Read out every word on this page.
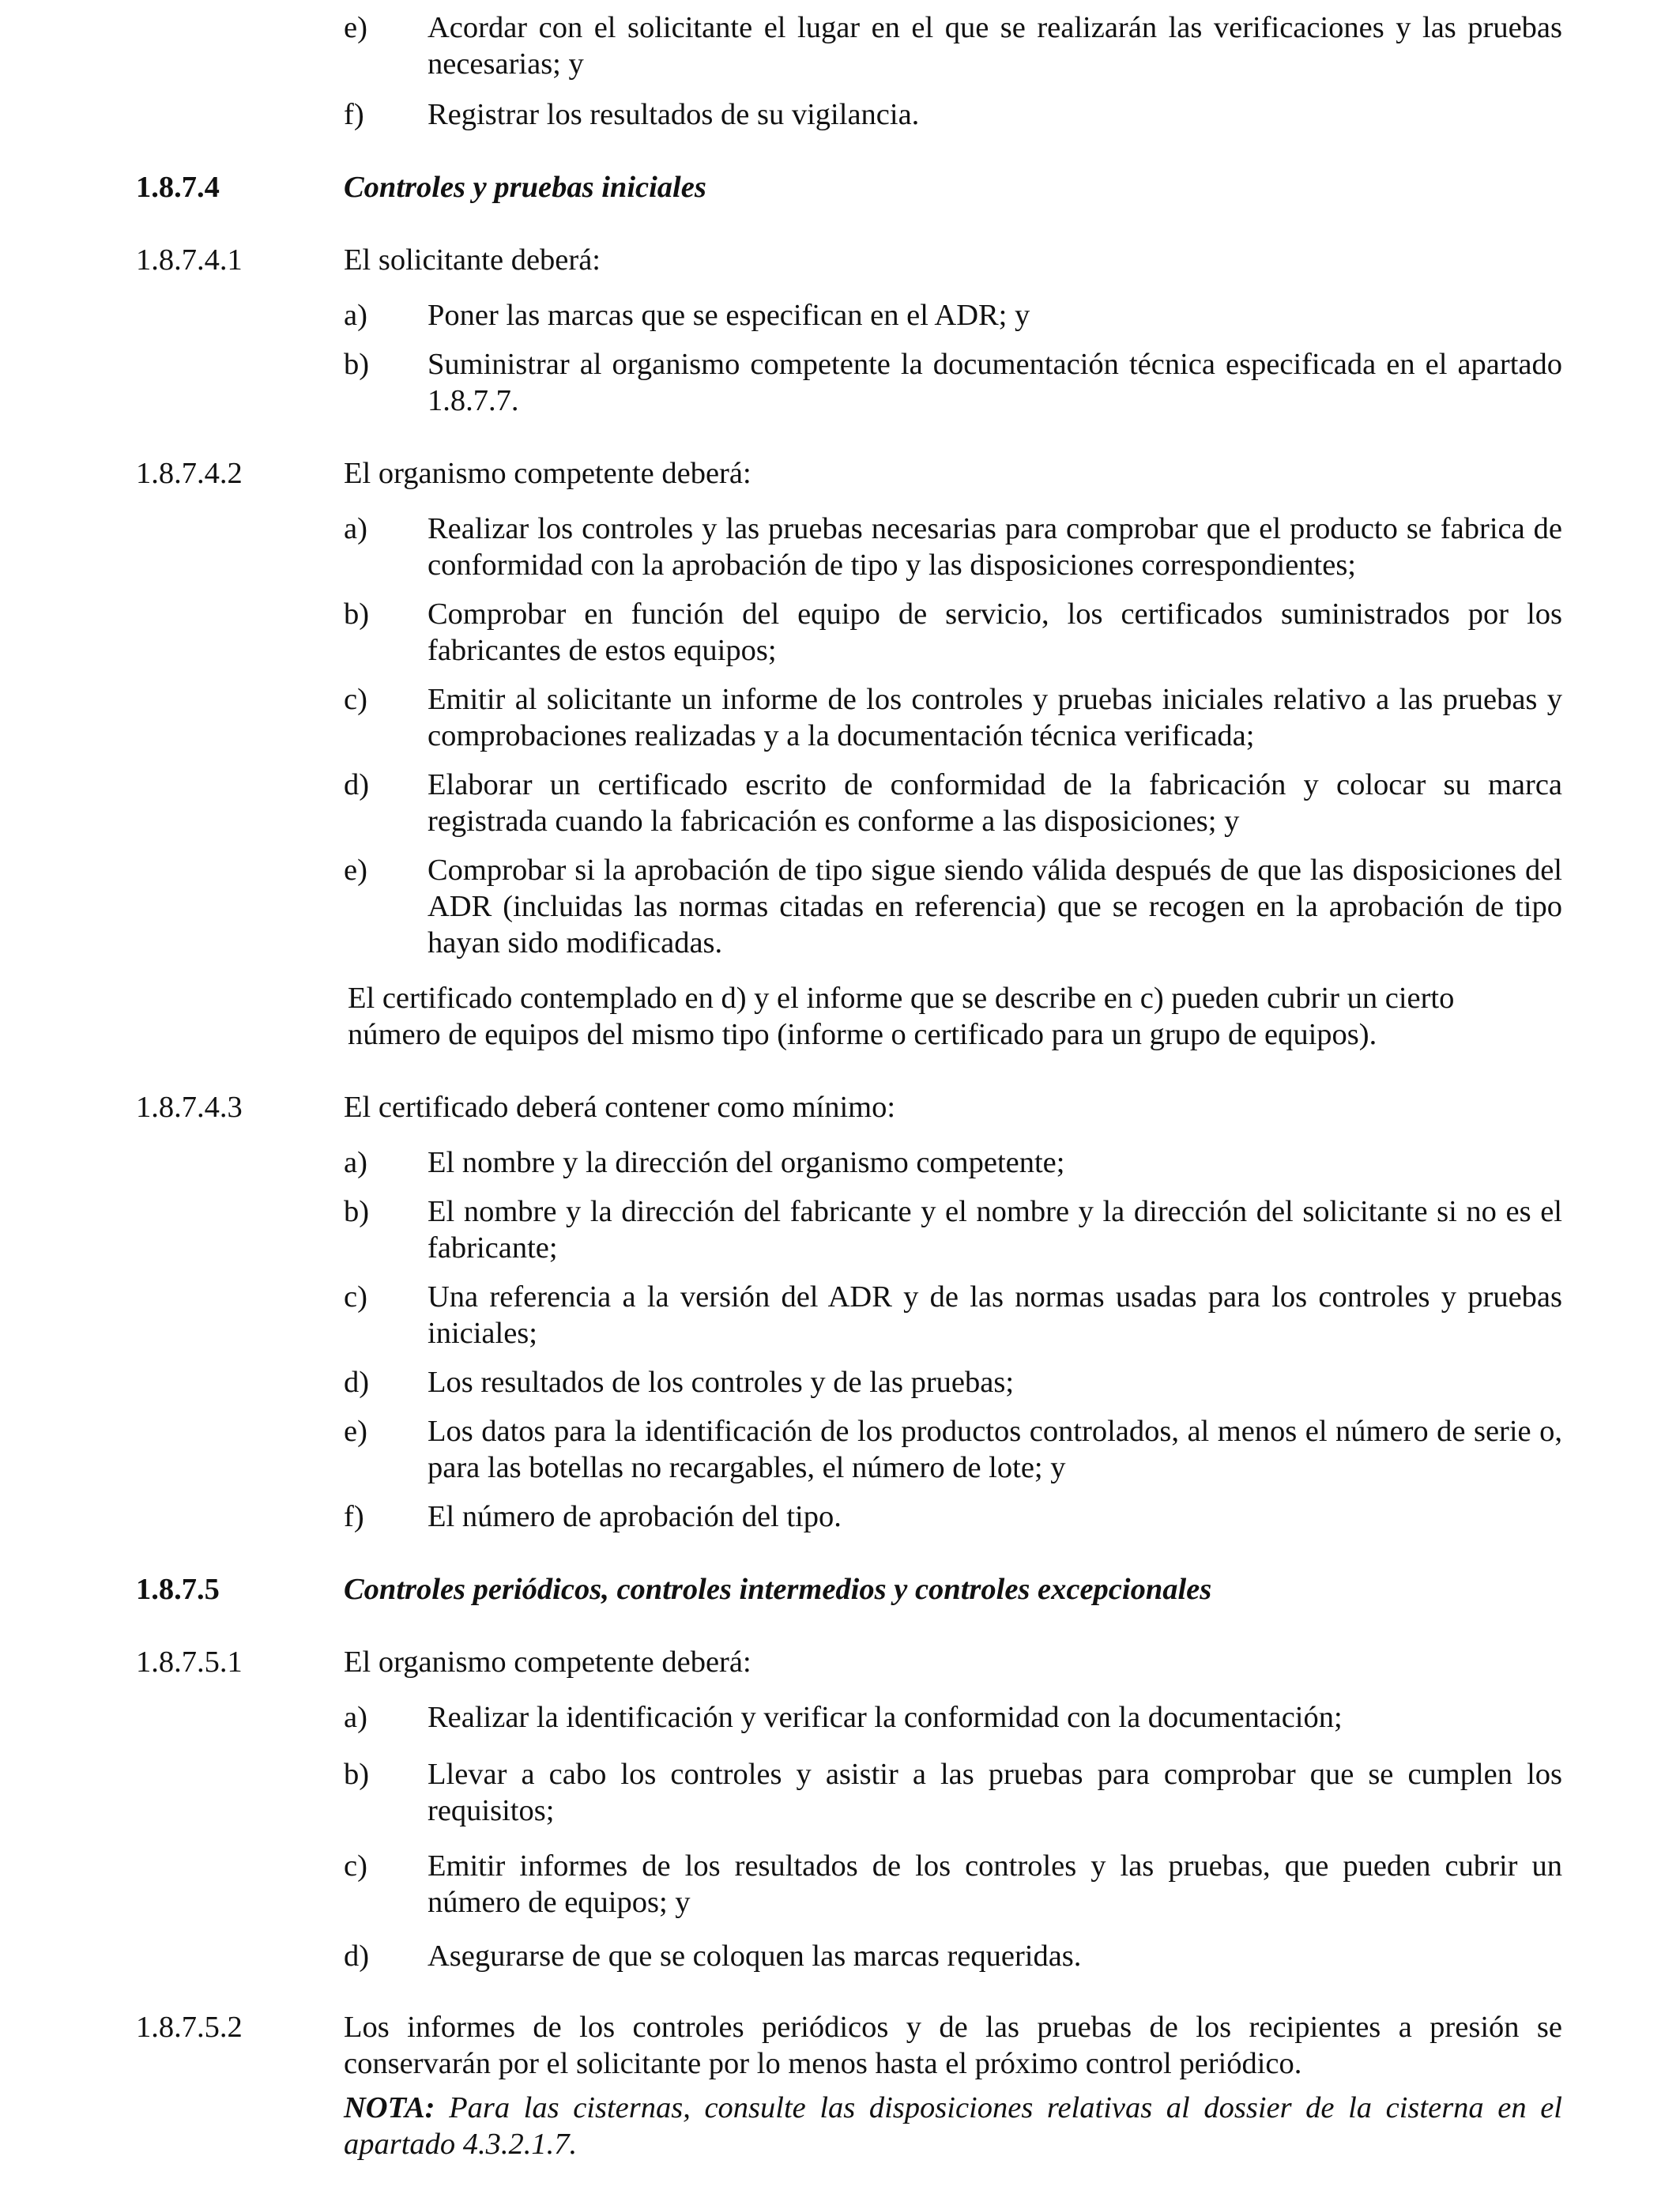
e) Acordar con el solicitante el lugar en el que se realizarán las verificaciones y las pruebas necesarias; y
f) Registrar los resultados de su vigilancia.
1.8.7.4	Controles y pruebas iniciales
1.8.7.4.1	El solicitante deberá:
a) Poner las marcas que se especifican en el ADR; y
b) Suministrar al organismo competente la documentación técnica especificada en el apartado 1.8.7.7.
1.8.7.4.2	El organismo competente deberá:
a) Realizar los controles y las pruebas necesarias para comprobar que el producto se fabrica de conformidad con la aprobación de tipo y las disposiciones correspondientes;
b) Comprobar en función del equipo de servicio, los certificados suministrados por los fabricantes de estos equipos;
c) Emitir al solicitante un informe de los controles y pruebas iniciales relativo a las pruebas y comprobaciones realizadas y a la documentación técnica verificada;
d) Elaborar un certificado escrito de conformidad de la fabricación y colocar su marca registrada cuando la fabricación es conforme a las disposiciones; y
e) Comprobar si la aprobación de tipo sigue siendo válida después de que las disposiciones del ADR (incluidas las normas citadas en referencia) que se recogen en la aprobación de tipo hayan sido modificadas.
El certificado contemplado en d) y el informe que se describe en c) pueden cubrir un cierto
número de equipos del mismo tipo (informe o certificado para un grupo de equipos).
1.8.7.4.3	El certificado deberá contener como mínimo:
a) El nombre y la dirección del organismo competente;
b) El nombre y la dirección del fabricante y el nombre y la dirección del solicitante si no es el fabricante;
c) Una referencia a la versión del ADR y de las normas usadas para los controles y pruebas iniciales;
d) Los resultados de los controles y de las pruebas;
e) Los datos para la identificación de los productos controlados, al menos el número de serie o, para las botellas no recargables, el número de lote; y
f) El número de aprobación del tipo.
1.8.7.5	Controles periódicos, controles intermedios y controles excepcionales
1.8.7.5.1	El organismo competente deberá:
a) Realizar la identificación y verificar la conformidad con la documentación;
b) Llevar a cabo los controles y asistir a las pruebas para comprobar que se cumplen los requisitos;
c) Emitir informes de los resultados de los controles y las pruebas, que pueden cubrir un número de equipos; y
d) Asegurarse de que se coloquen las marcas requeridas.
1.8.7.5.2	Los informes de los controles periódicos y de las pruebas de los recipientes a presión se conservarán por el solicitante por lo menos hasta el próximo control periódico.
NOTA: Para las cisternas, consulte las disposiciones relativas al dossier de la cisterna en el apartado 4.3.2.1.7.
